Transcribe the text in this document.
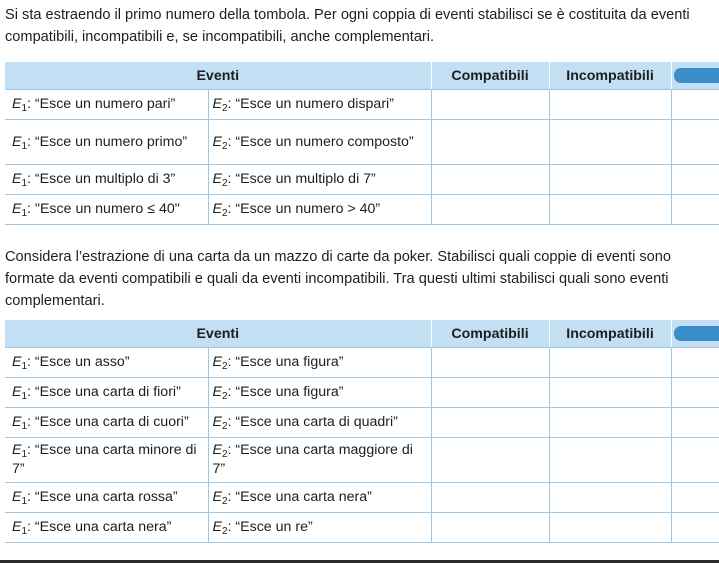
Si sta estraendo il primo numero della tombola. Per ogni coppia di eventi stabilisci se è costituita da eventi compatibili, incompatibili e, se incompatibili, anche complementari.

Eventi		Compatibili	Incompatibili	

$E_1$: “Esce un numero pari”	$E_2$: “Esce un numero dispari”			
$E_1$: “Esce un numero primo”	$E_2$: “Esce un numero composto”			
$E_1$: “Esce un multiplo di 3”	$E_2$: “Esce un multiplo di 7”			
$E_1$: "Esce un numero ≤ 40"	$E_2$: “Esce un numero > 40”			

Considera l’estrazione di una carta da un mazzo di carte da poker. Stabilisci quali coppie di eventi sono formate da eventi compatibili e quali da eventi incompatibili. Tra questi ultimi stabilisci quali sono eventi complementari.

Eventi		Compatibili	Incompatibili	

$E_1$: “Esce un asso”	$E_2$: “Esce una figura”			
$E_1$: “Esce una carta di fiori”	$E_2$: “Esce una figura”			
$E_1$: “Esce una carta di cuori”	$E_2$: “Esce una carta di quadri”			
$E_1$: “Esce una carta minore di 7”	$E_2$: “Esce una carta maggiore di 7”			
$E_1$: “Esce una carta rossa”	$E_2$: “Esce una carta nera”			
$E_1$: “Esce una carta nera”	$E_2$: “Esce un re”			
